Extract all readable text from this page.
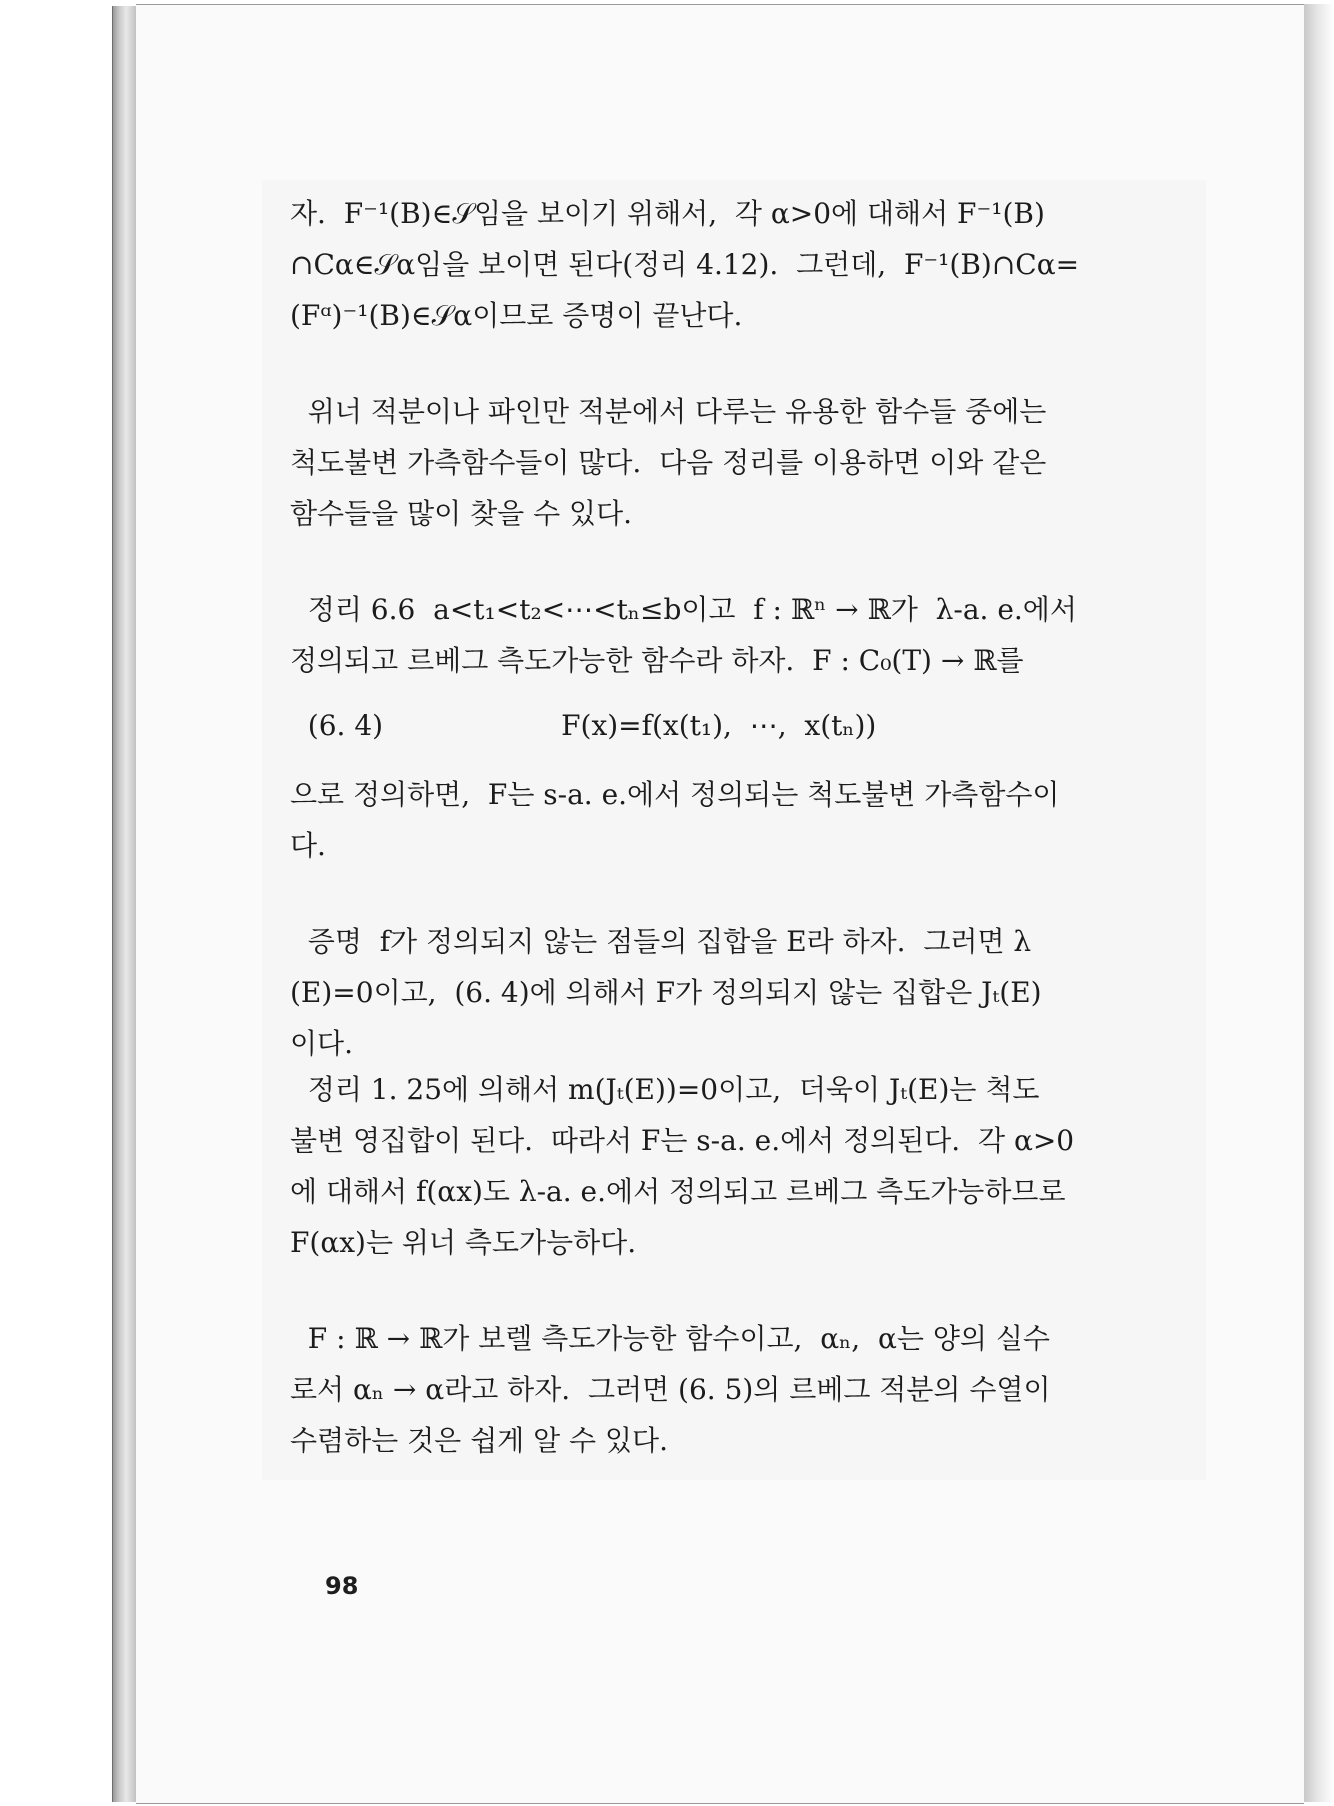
자.  F⁻¹(B)∈𝒮임을 보이기 위해서,  각 α>0에 대해서 F⁻¹(B)
∩Cα∈𝒮α임을 보이면 된다(정리 4.12).  그런데,  F⁻¹(B)∩Cα=
(Fᵅ)⁻¹(B)∈𝒮α이므로 증명이 끝난다.
위너 적분이나 파인만 적분에서 다루는 유용한 함수들 중에는
척도불변 가측함수들이 많다.  다음 정리를 이용하면 이와 같은
함수들을 많이 찾을 수 있다.
정리 6.6  a<t₁<t₂<⋯<tₙ≤b이고  f : ℝⁿ → ℝ가  λ-a. e.에서
정의되고 르베그 측도가능한 함수라 하자.  F : C₀(T) → ℝ를
(6. 4)                    F(x)=f(x(t₁),  ⋯,  x(tₙ))
으로 정의하면,  F는 s-a. e.에서 정의되는 척도불변 가측함수이
다.
증명  f가 정의되지 않는 점들의 집합을 E라 하자.  그러면 λ
(E)=0이고,  (6. 4)에 의해서 F가 정의되지 않는 집합은 Jₜ(E)
이다.
정리 1. 25에 의해서 m(Jₜ(E))=0이고,  더욱이 Jₜ(E)는 척도
불변 영집합이 된다.  따라서 F는 s-a. e.에서 정의된다.  각 α>0
에 대해서 f(αx)도 λ-a. e.에서 정의되고 르베그 측도가능하므로
F(αx)는 위너 측도가능하다.
F : ℝ → ℝ가 보렐 측도가능한 함수이고,  αₙ,  α는 양의 실수
로서 αₙ → α라고 하자.  그러면 (6. 5)의 르베그 적분의 수열이
수렴하는 것은 쉽게 알 수 있다.
98
